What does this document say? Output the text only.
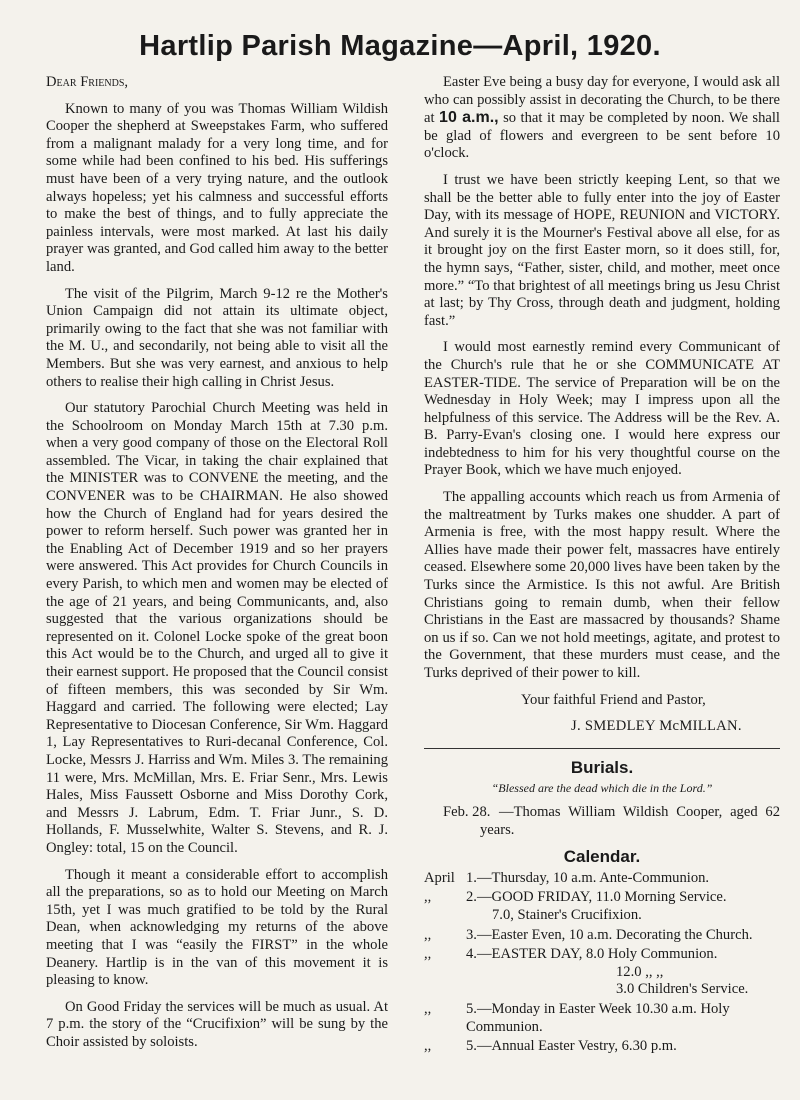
Hartlip Parish Magazine—April, 1920.

Dear Friends,

Known to many of you was Thomas William Wildish Cooper the shepherd at Sweepstakes Farm, who suffered from a malignant malady for a very long time, and for some while had been confined to his bed. His sufferings must have been of a very trying nature, and the outlook always hopeless; yet his calmness and successful efforts to make the best of things, and to fully appreciate the painless intervals, were most marked. At last his daily prayer was granted, and God called him away to the better land.

The visit of the Pilgrim, March 9-12 re the Mother's Union Campaign did not attain its ultimate object, primarily owing to the fact that she was not familiar with the M. U., and secondarily, not being able to visit all the Members. But she was very earnest, and anxious to help others to realise their high calling in Christ Jesus.

Our statutory Parochial Church Meeting was held in the Schoolroom on Monday March 15th at 7.30 p.m. when a very good company of those on the Electoral Roll assembled. The Vicar, in taking the chair explained that the MINISTER was to CONVENE the meeting, and the CONVENER was to be CHAIRMAN. He also showed how the Church of England had for years desired the power to reform herself. Such power was granted her in the Enabling Act of December 1919 and so her prayers were answered. This Act provides for Church Councils in every Parish, to which men and women may be elected of the age of 21 years, and being Communicants, and, also suggested that the various organizations should be represented on it. Colonel Locke spoke of the great boon this Act would be to the Church, and urged all to give it their earnest support. He proposed that the Council consist of fifteen members, this was seconded by Sir Wm. Haggard and carried. The following were elected; Lay Representative to Diocesan Conference, Sir Wm. Haggard 1, Lay Representatives to Ruri-decanal Conference, Col. Locke, Messrs J. Harriss and Wm. Miles 3. The remaining 11 were, Mrs. McMillan, Mrs. E. Friar Senr., Mrs. Lewis Hales, Miss Faussett Osborne and Miss Dorothy Cork, and Messrs J. Labrum, Edm. T. Friar Junr., S. D. Hollands, F. Musselwhite, Walter S. Stevens, and R. J. Ongley: total, 15 on the Council.

Though it meant a considerable effort to accomplish all the preparations, so as to hold our Meeting on March 15th, yet I was much gratified to be told by the Rural Dean, when acknowledging my returns of the above meeting that I was “easily the FIRST” in the whole Deanery. Hartlip is in the van of this movement it is pleasing to know.

On Good Friday the services will be much as usual. At 7 p.m. the story of the “Crucifixion” will be sung by the Choir assisted by soloists.

Easter Eve being a busy day for everyone, I would ask all who can possibly assist in decorating the Church, to be there at 10 a.m., so that it may be completed by noon. We shall be glad of flowers and evergreen to be sent before 10 o'clock.

I trust we have been strictly keeping Lent, so that we shall be the better able to fully enter into the joy of Easter Day, with its message of HOPE, REUNION and VICTORY. And surely it is the Mourner's Festival above all else, for as it brought joy on the first Easter morn, so it does still, for, the hymn says, “Father, sister, child, and mother, meet once more.” “To that brightest of all meetings bring us Jesu Christ at last; by Thy Cross, through death and judgment, holding fast.”

I would most earnestly remind every Communicant of the Church's rule that he or she COMMUNICATE AT EASTER-TIDE. The service of Preparation will be on the Wednesday in Holy Week; may I impress upon all the helpfulness of this service. The Address will be the Rev. A. B. Parry-Evan's closing one. I would here express our indebtedness to him for his very thoughtful course on the Prayer Book, which we have much enjoyed.

The appalling accounts which reach us from Armenia of the maltreatment by Turks makes one shudder. A part of Armenia is free, with the most happy result. Where the Allies have made their power felt, massacres have entirely ceased. Elsewhere some 20,000 lives have been taken by the Turks since the Armistice. Is this not awful. Are British Christians going to remain dumb, when their fellow Christians in the East are massacred by thousands? Shame on us if so. Can we not hold meetings, agitate, and protest to the Government, that these murders must cease, and the Turks deprived of their power to kill.

Your faithful Friend and Pastor,

J. SMEDLEY McMILLAN.

Burials.
“Blessed are the dead which die in the Lord.”

Feb. 28. —Thomas William Wildish Cooper, aged 62 years.

Calendar.
April 1.—Thursday, 10 a.m. Ante-Communion.
,,	2.—GOOD FRIDAY, 11.0 Morning Service.
7.0, Stainer's Crucifixion.
,,	3.—Easter Even, 10 a.m. Decorating the Church.
,,	4.—EASTER DAY, 8.0 Holy Communion.
12.0 ,, ,,
3.0 Children's Service.
,,	5.—Monday in Easter Week 10.30 a.m. Holy Communion.
,,	5.—Annual Easter Vestry, 6.30 p.m.
